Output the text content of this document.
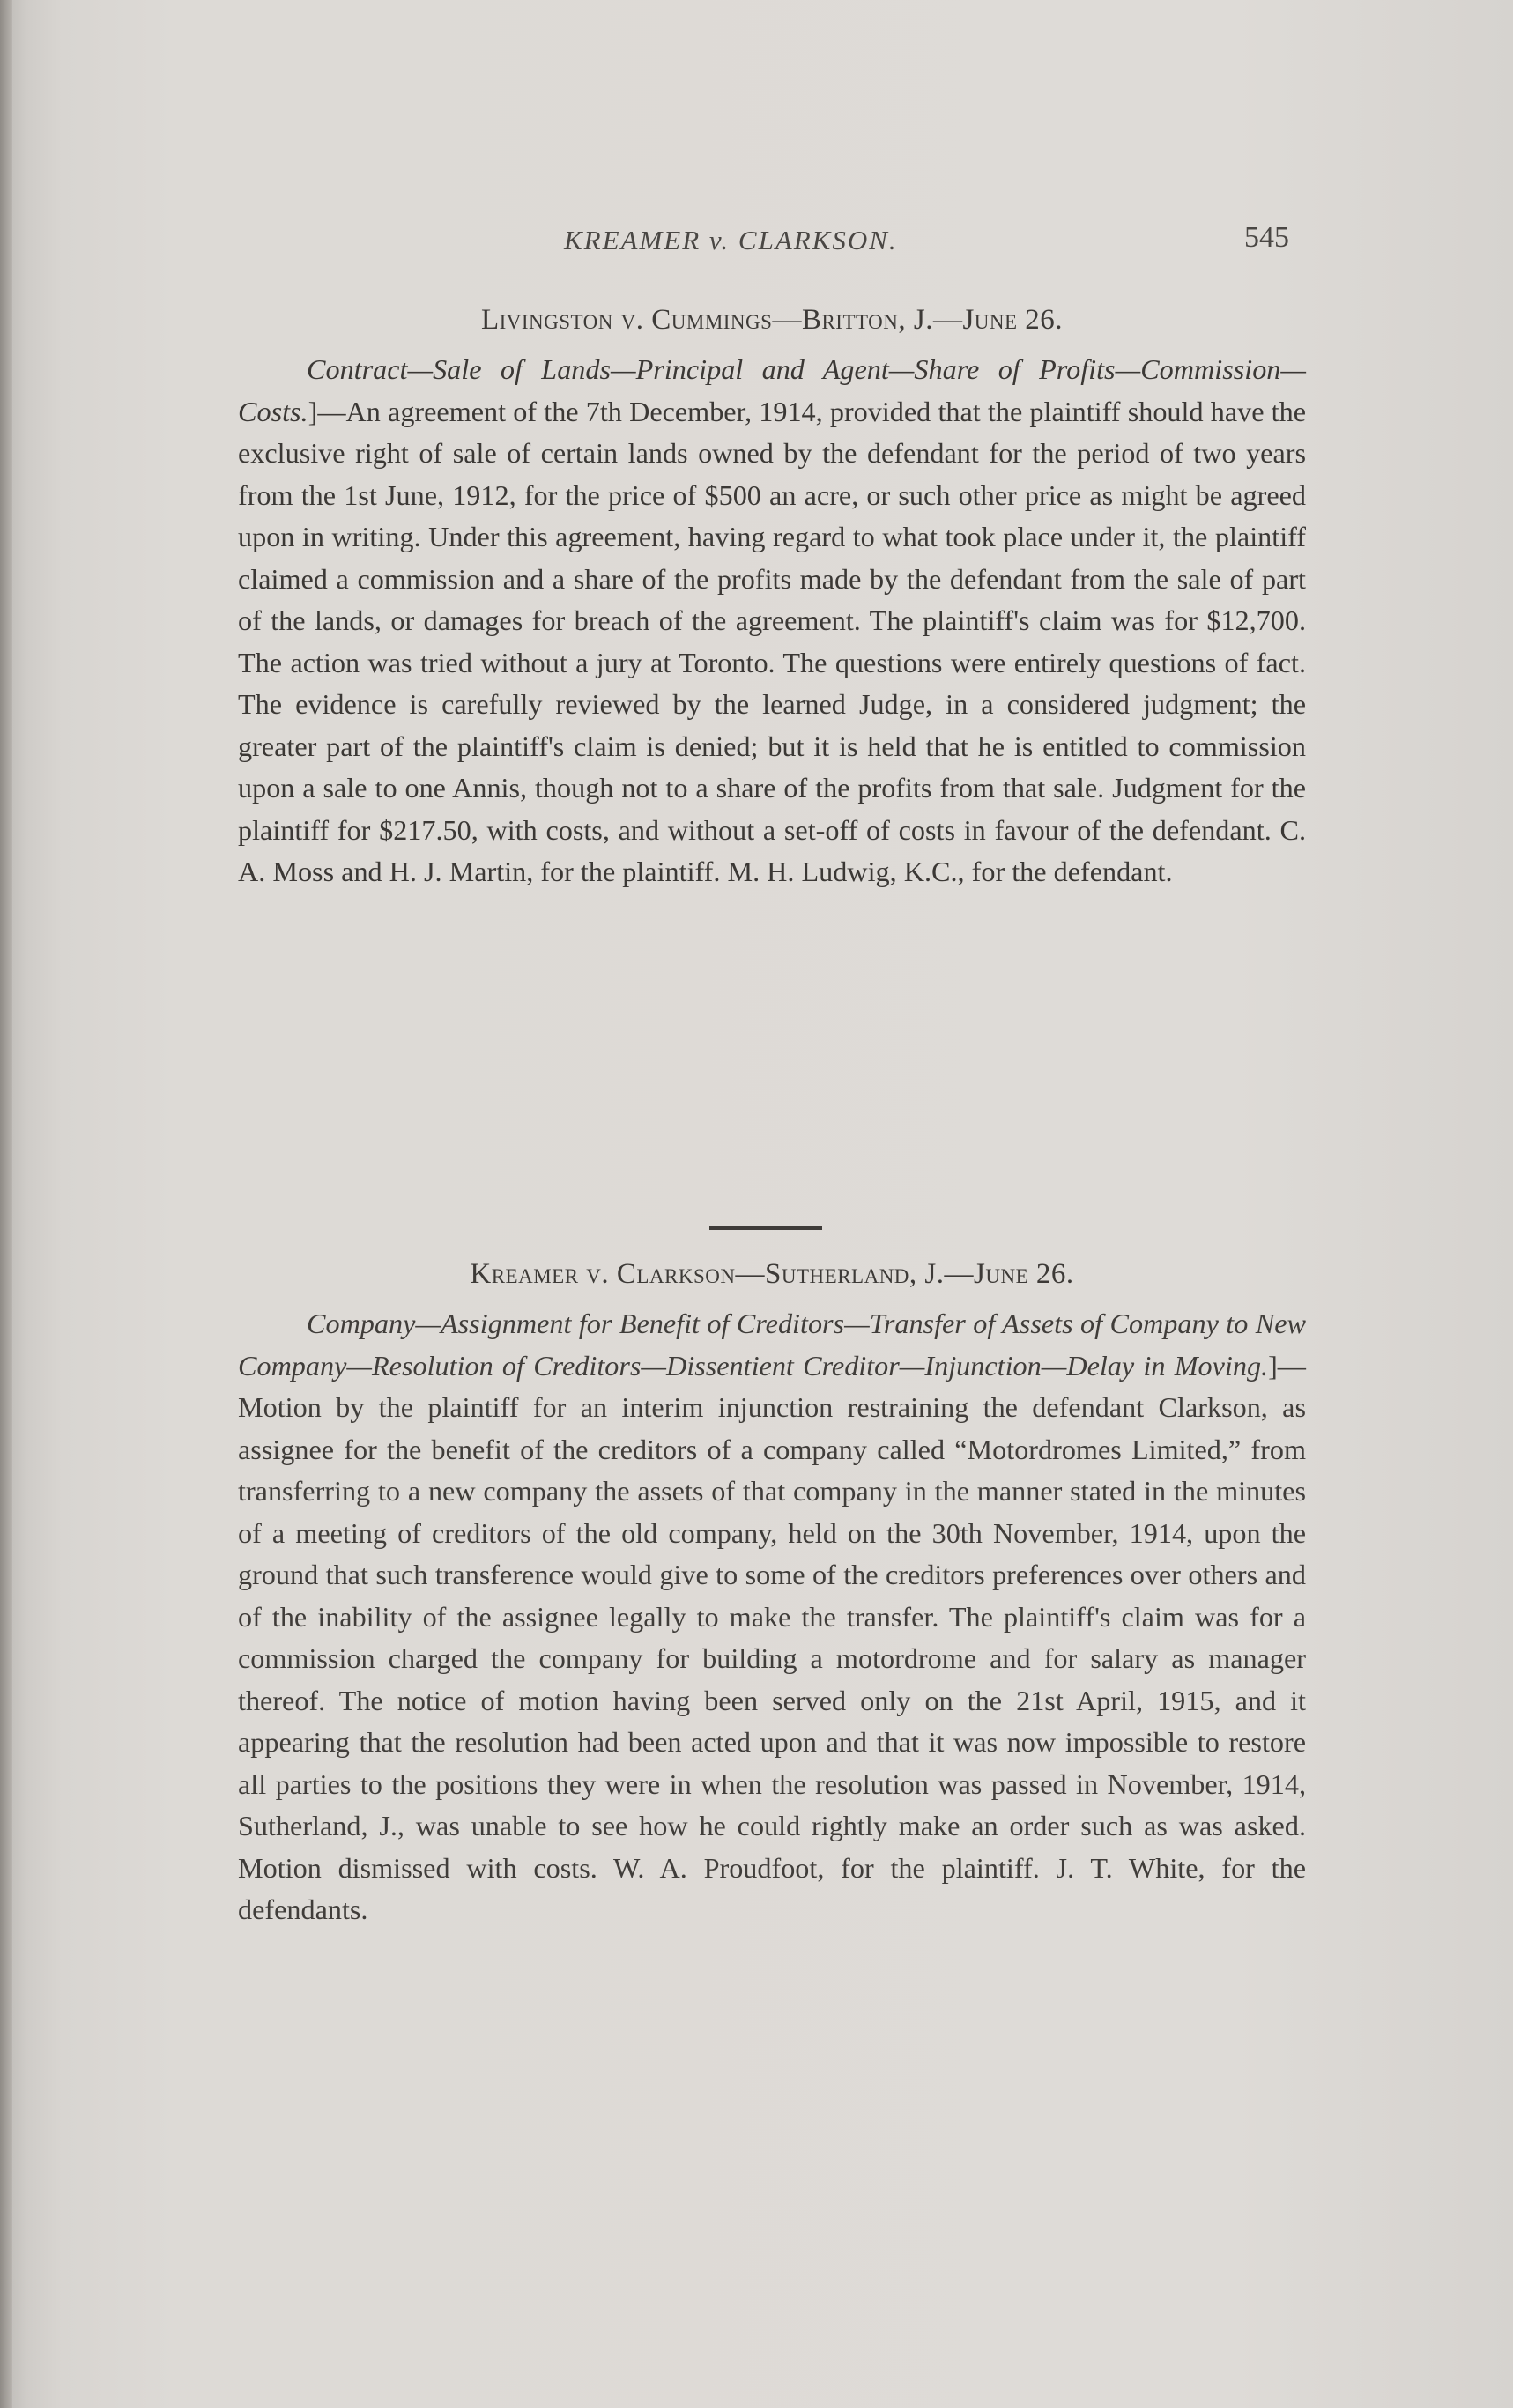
KREAMER v. CLARKSON.	545
Livingston v. Cummings—Britton, J.—June 26.

Contract—Sale of Lands—Principal and Agent—Share of Profits—Commission—Costs.]—An agreement of the 7th December, 1914, provided that the plaintiff should have the exclusive right of sale of certain lands owned by the defendant for the period of two years from the 1st June, 1912, for the price of $500 an acre, or such other price as might be agreed upon in writing. Under this agreement, having regard to what took place under it, the plaintiff claimed a commission and a share of the profits made by the defendant from the sale of part of the lands, or damages for breach of the agreement. The plaintiff's claim was for $12,700. The action was tried without a jury at Toronto. The questions were entirely questions of fact. The evidence is carefully reviewed by the learned Judge, in a considered judgment; the greater part of the plaintiff's claim is denied; but it is held that he is entitled to commission upon a sale to one Annis, though not to a share of the profits from that sale. Judgment for the plaintiff for $217.50, with costs, and without a set-off of costs in favour of the defendant. C. A. Moss and H. J. Martin, for the plaintiff. M. H. Ludwig, K.C., for the defendant.

Kreamer v. Clarkson—Sutherland, J.—June 26.

Company—Assignment for Benefit of Creditors—Transfer of Assets of Company to New Company—Resolution of Creditors—Dissentient Creditor—Injunction—Delay in Moving.]—Motion by the plaintiff for an interim injunction restraining the defendant Clarkson, as assignee for the benefit of the creditors of a company called “Motordromes Limited,” from transferring to a new company the assets of that company in the manner stated in the minutes of a meeting of creditors of the old company, held on the 30th November, 1914, upon the ground that such transference would give to some of the creditors preferences over others and of the inability of the assignee legally to make the transfer. The plaintiff's claim was for a commission charged the company for building a motordrome and for salary as manager thereof. The notice of motion having been served only on the 21st April, 1915, and it appearing that the resolution had been acted upon and that it was now impossible to restore all parties to the positions they were in when the resolution was passed in November, 1914, Sutherland, J., was unable to see how he could rightly make an order such as was asked. Motion dismissed with costs. W. A. Proudfoot, for the plaintiff. J. T. White, for the defendants.
